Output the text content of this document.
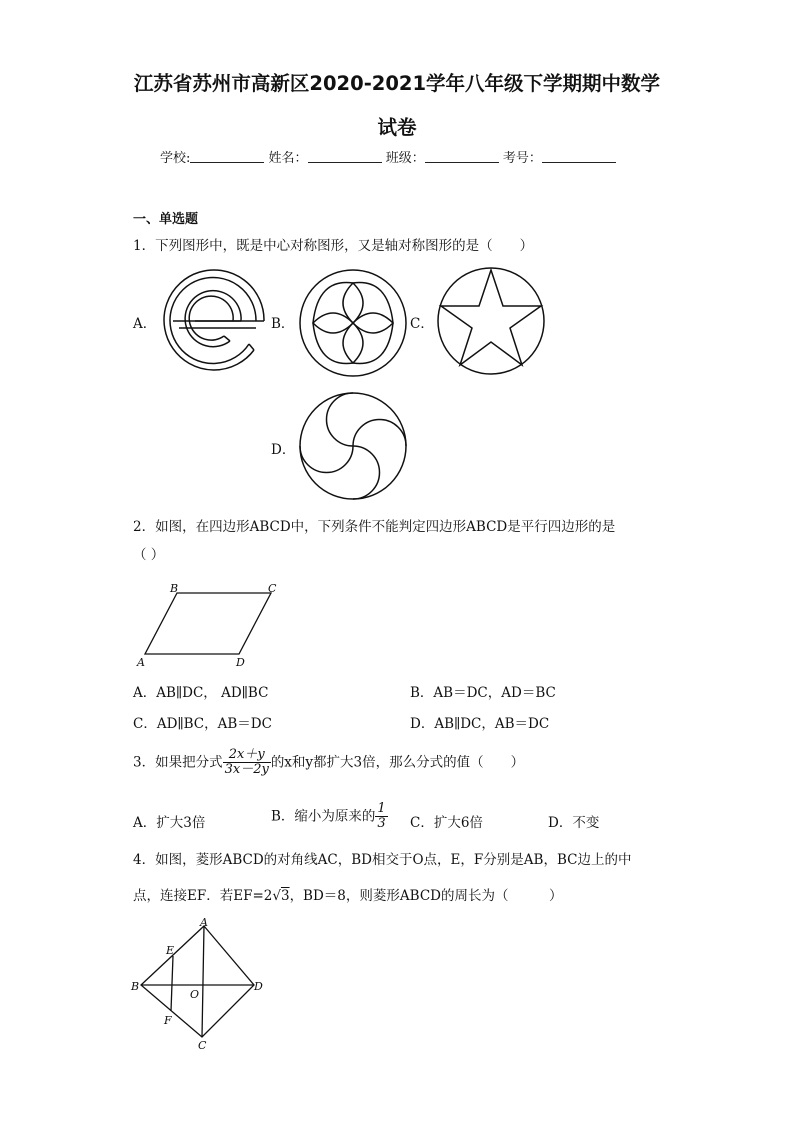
江苏省苏州市高新区2020-2021学年八年级下学期期中数学
试卷
学校:	姓名：	班级：	考号：
一、单选题
1．下列图形中，既是中心对称图形，又是轴对称图形的是（　　）
A．	B．	C．
D．
2．如图，在四边形ABCD中，下列条件不能判定四边形ABCD是平行四边形的是
（ ）
A
B	C
D
A．AB∥DC， AD∥BC	B．AB＝DC，AD＝BC
C．AD∥BC，AB＝DC	D．AB∥DC，AB＝DC
3．如果把分式 $\frac{2x+y}{3x-2y}$ 的x和y都扩大3倍，那么分式的值（　　）
A．扩大3倍	B．缩小为原来的 $\frac{1}{3}$ C．扩大6倍	D．不变
4．如图，菱形ABCD的对角线AC，BD相交于O点，E，F分别是AB，BC边上的中
点，连接EF．若EF=2√3，BD＝8，则菱形ABCD的周长为（　　　）
A
B
C
D
E
F
O
